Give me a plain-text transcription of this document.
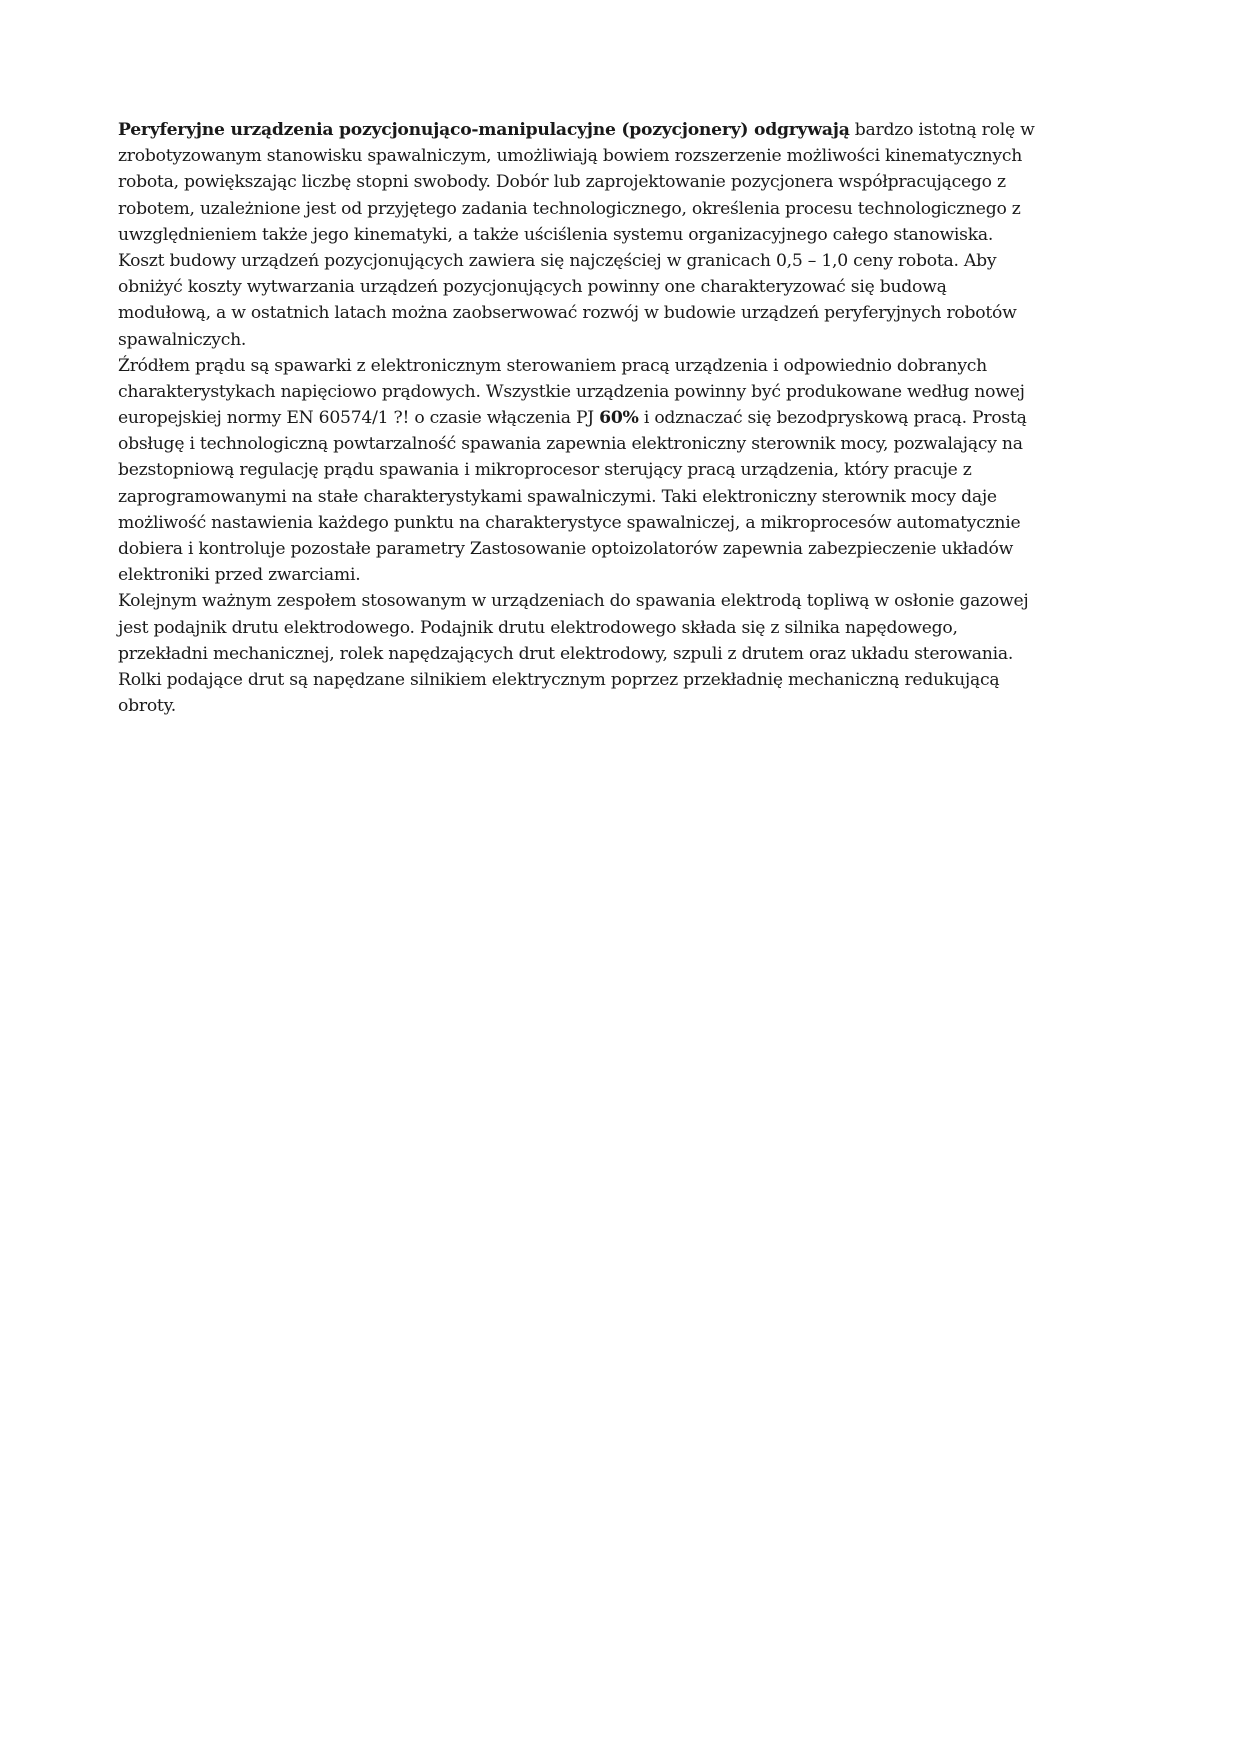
Peryferyjne urządzenia pozycjonująco-manipulacyjne (pozycjonery) odgrywają bardzo istotną rolę w
zrobotyzowanym stanowisku spawalniczym, umożliwiają bowiem rozszerzenie możliwości kinematycznych
robota, powiększając liczbę stopni swobody. Dobór lub zaprojektowanie pozycjonera współpracującego z
robotem, uzależnione jest od przyjętego zadania technologicznego, określenia procesu technologicznego z
uwzględnieniem także jego kinematyki, a także uściślenia systemu organizacyjnego całego stanowiska.
Koszt budowy urządzeń pozycjonujących zawiera się najczęściej w granicach 0,5 – 1,0 ceny robota. Aby
obniżyć koszty wytwarzania urządzeń pozycjonujących powinny one charakteryzować się budową
modułową, a w ostatnich latach można zaobserwować rozwój w budowie urządzeń peryferyjnych robotów
spawalniczych.
Źródłem prądu są spawarki z elektronicznym sterowaniem pracą urządzenia i odpowiednio dobranych
charakterystykach napięciowo prądowych. Wszystkie urządzenia powinny być produkowane według nowej
europejskiej normy EN 60574/1 ?! o czasie włączenia PJ 60% i odznaczać się bezodpryskową pracą. Prostą
obsługę i technologiczną powtarzalność spawania zapewnia elektroniczny sterownik mocy, pozwalający na
bezstopniową regulację prądu spawania i mikroprocesor sterujący pracą urządzenia, który pracuje z
zaprogramowanymi na stałe charakterystykami spawalniczymi. Taki elektroniczny sterownik mocy daje
możliwość nastawienia każdego punktu na charakterystyce spawalniczej, a mikroprocesów automatycznie
dobiera i kontroluje pozostałe parametry Zastosowanie optoizolatorów zapewnia zabezpieczenie układów
elektroniki przed zwarciami.
Kolejnym ważnym zespołem stosowanym w urządzeniach do spawania elektrodą topliwą w osłonie gazowej
jest podajnik drutu elektrodowego. Podajnik drutu elektrodowego składa się z silnika napędowego,
przekładni mechanicznej, rolek napędzających drut elektrodowy, szpuli z drutem oraz układu sterowania.
Rolki podające drut są napędzane silnikiem elektrycznym poprzez przekładnię mechaniczną redukującą
obroty.
